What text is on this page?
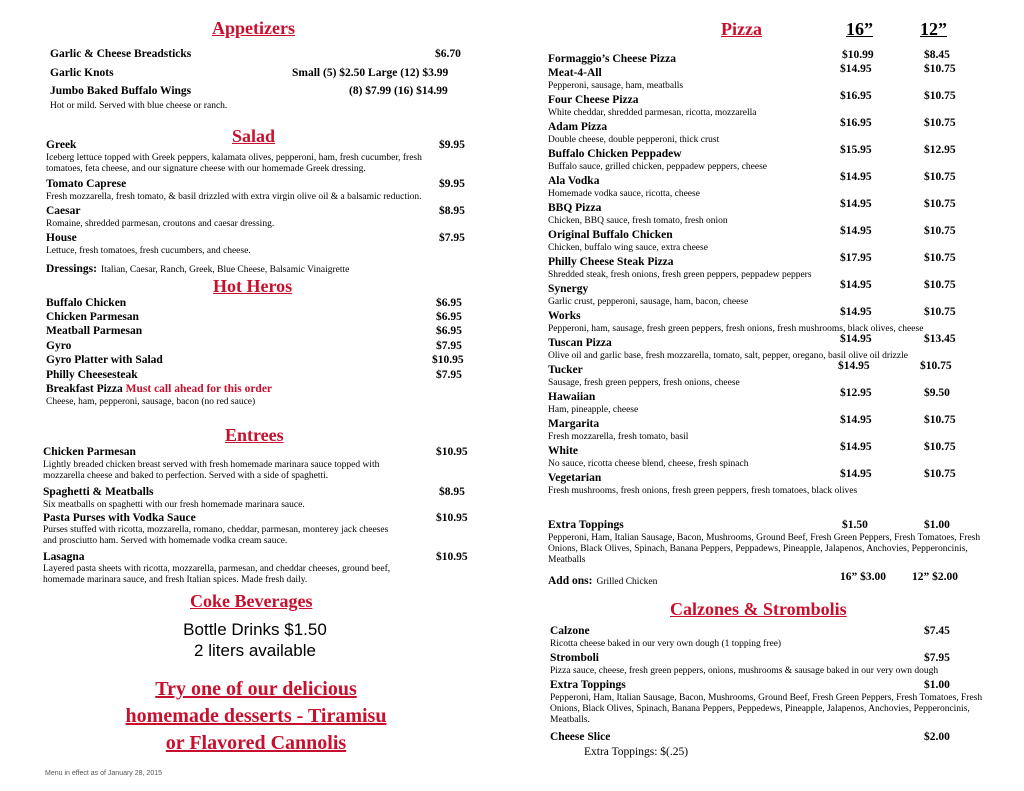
Appetizers
Garlic & Cheese Breadsticks	$6.70
Garlic Knots	Small (5) $2.50 Large (12) $3.99
Jumbo Baked Buffalo Wings	(8) $7.99 (16) $14.99
Hot or mild. Served with blue cheese or ranch.
Salad
Greek	$9.95
Iceberg lettuce topped with Greek peppers, kalamata olives, pepperoni, ham, fresh cucumber, fresh tomatoes, feta cheese, and our signature cheese with our homemade Greek dressing.
Tomato Caprese	$9.95
Fresh mozzarella, fresh tomato, & basil drizzled with extra virgin olive oil & a balsamic reduction.
Caesar	$8.95
Romaine, shredded parmesan, croutons and caesar dressing.
House	$7.95
Lettuce, fresh tomatoes, fresh cucumbers, and cheese.
Dressings: Italian, Caesar, Ranch, Greek, Blue Cheese, Balsamic Vinaigrette
Hot Heros
Buffalo Chicken	$6.95
Chicken Parmesan	$6.95
Meatball Parmesan	$6.95
Gyro	$7.95
Gyro Platter with Salad	$10.95
Philly Cheesesteak	$7.95
Breakfast Pizza Must call ahead for this order
Cheese, ham, pepperoni, sausage, bacon (no red sauce)
Entrees
Chicken Parmesan	$10.95
Lightly breaded chicken breast served with fresh homemade marinara sauce topped with mozzarella cheese and baked to perfection. Served with a side of spaghetti.
Spaghetti & Meatballs	$8.95
Six meatballs on spaghetti with our fresh homemade marinara sauce.
Pasta Purses with Vodka Sauce	$10.95
Purses stuffed with ricotta, mozzarella, romano, cheddar, parmesan, monterey jack cheeses and prosciutto ham. Served with homemade vodka cream sauce.
Lasagna	$10.95
Layered pasta sheets with ricotta, mozzarella, parmesan, and cheddar cheeses, ground beef, homemade marinara sauce, and fresh Italian spices. Made fresh daily.
Coke Beverages
Bottle Drinks $1.50
2 liters available
Try one of our delicious
homemade desserts - Tiramisu
or Flavored Cannolis
Menu in effect as of January 28, 2015
Pizza	16”	12”
Formaggio’s Cheese Pizza	$10.99	$8.45
Meat-4-All	$14.95	$10.75
Pepperoni, sausage, ham, meatballs
Four Cheese Pizza	$16.95	$10.75
White cheddar, shredded parmesan, ricotta, mozzarella
Adam Pizza	$16.95	$10.75
Double cheese, double pepperoni, thick crust
Buffalo Chicken Peppadew	$15.95	$12.95
Buffalo sauce, grilled chicken, peppadew peppers, cheese
Ala Vodka	$14.95	$10.75
Homemade vodka sauce, ricotta, cheese
BBQ Pizza	$14.95	$10.75
Chicken, BBQ sauce, fresh tomato, fresh onion
Original Buffalo Chicken	$14.95	$10.75
Chicken, buffalo wing sauce, extra cheese
Philly Cheese Steak Pizza	$17.95	$10.75
Shredded steak, fresh onions, fresh green peppers, peppadew peppers
Synergy	$14.95	$10.75
Garlic crust, pepperoni, sausage, ham, bacon, cheese
Works	$14.95	$10.75
Pepperoni, ham, sausage, fresh green peppers, fresh onions, fresh mushrooms, black olives, cheese
Tuscan Pizza	$14.95	$13.45
Olive oil and garlic base, fresh mozzarella, tomato, salt, pepper, oregano, basil olive oil drizzle
Tucker	$14.95	$10.75
Sausage, fresh green peppers, fresh onions, cheese
Hawaiian	$12.95	$9.50
Ham, pineapple, cheese
Margarita	$14.95	$10.75
Fresh mozzarella, fresh tomato, basil
White	$14.95	$10.75
No sauce, ricotta cheese blend, cheese, fresh spinach
Vegetarian	$14.95	$10.75
Fresh mushrooms, fresh onions, fresh green peppers, fresh tomatoes, black olives
Extra Toppings	$1.50	$1.00
Pepperoni, Ham, Italian Sausage, Bacon, Mushrooms, Ground Beef, Fresh Green Peppers, Fresh Tomatoes, Fresh Onions, Black Olives, Spinach, Banana Peppers, Peppadews, Pineapple, Jalapenos, Anchovies, Pepperoncinis, Meatballs
Add ons: Grilled Chicken	16” $3.00 12” $2.00
Calzones & Strombolis
Calzone	$7.45
Ricotta cheese baked in our very own dough (1 topping free)
Stromboli	$7.95
Pizza sauce, cheese, fresh green peppers, onions, mushrooms & sausage baked in our very own dough
Extra Toppings	$1.00
Pepperoni, Ham, Italian Sausage, Bacon, Mushrooms, Ground Beef, Fresh Green Peppers, Fresh Tomatoes, Fresh Onions, Black Olives, Spinach, Banana Peppers, Peppedews, Pineapple, Jalapenos, Anchovies, Pepperoncinis, Meatballs.
Cheese Slice	$2.00
Extra Toppings: $(.25)
